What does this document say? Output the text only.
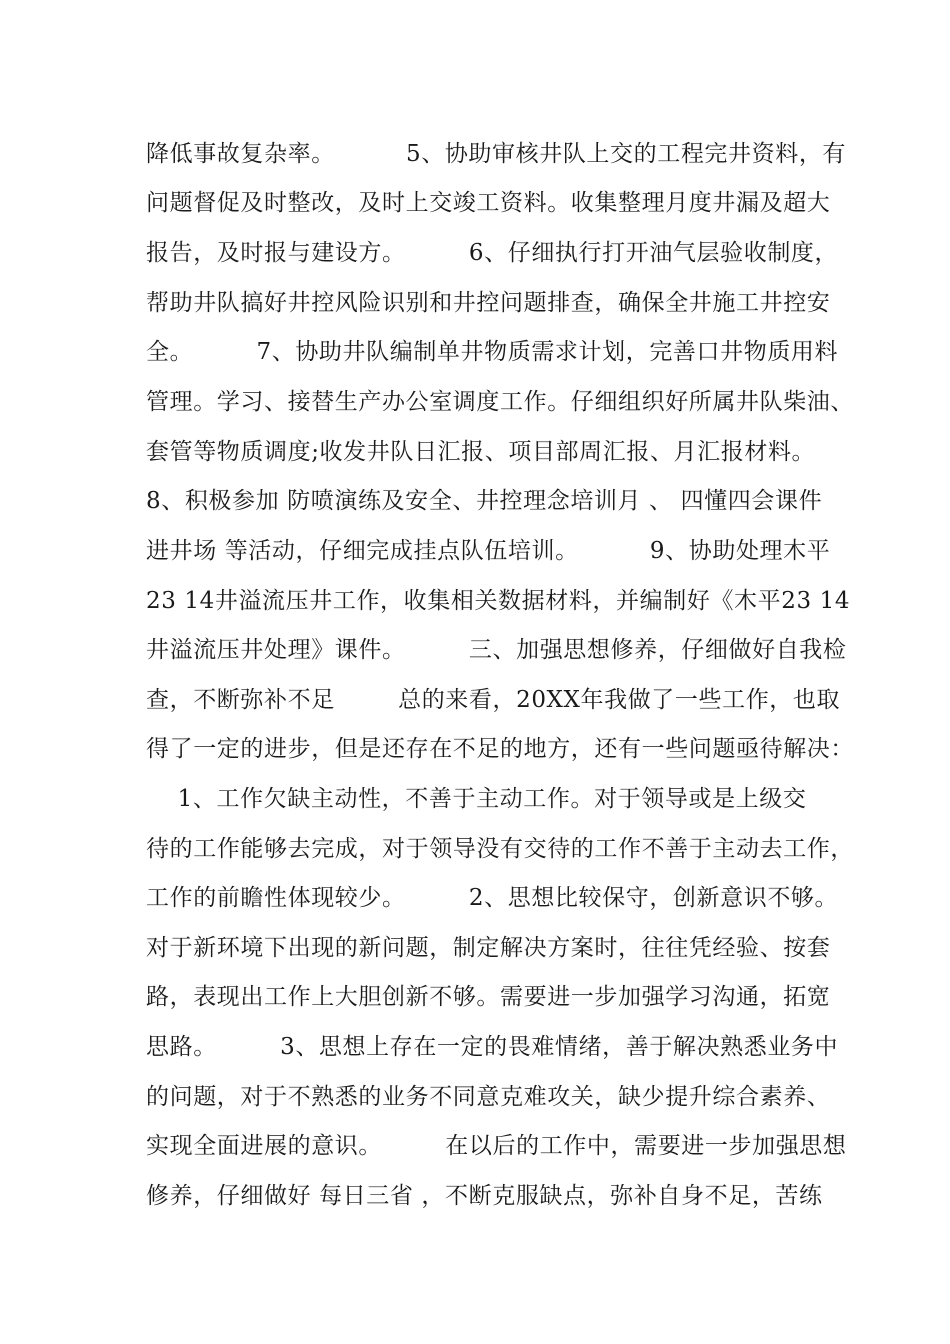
降低事故复杂率。         5、协助审核井队上交的工程完井资料，有
问题督促及时整改，及时上交竣工资料。收集整理月度井漏及超大
报告，及时报与建设方。        6、仔细执行打开油气层验收制度，
帮助井队搞好井控风险识别和井控问题排查，确保全井施工井控安
全。        7、协助井队编制单井物质需求计划，完善口井物质用料
管理。学习、接替生产办公室调度工作。仔细组织好所属井队柴油、
套管等物质调度;收发井队日汇报、项目部周汇报、月汇报材料。
8、积极参加 防喷演练及安全、井控理念培训月 、 四懂四会课件
进井场 等活动，仔细完成挂点队伍培训。         9、协助处理木平
23 14井溢流压井工作，收集相关数据材料，并编制好《木平23 14
井溢流压井处理》课件。        三、加强思想修养，仔细做好自我检
查，不断弥补不足        总的来看，20XX年我做了一些工作，也取
得了一定的进步，但是还存在不足的地方，还有一些问题亟待解决：
1、工作欠缺主动性，不善于主动工作。对于领导或是上级交
待的工作能够去完成，对于领导没有交待的工作不善于主动去工作，
工作的前瞻性体现较少。        2、思想比较保守，创新意识不够。
对于新环境下出现的新问题，制定解决方案时，往往凭经验、按套
路，表现出工作上大胆创新不够。需要进一步加强学习沟通，拓宽
思路。        3、思想上存在一定的畏难情绪，善于解决熟悉业务中
的问题，对于不熟悉的业务不同意克难攻关，缺少提升综合素养、
实现全面进展的意识。        在以后的工作中，需要进一步加强思想
修养，仔细做好 每日三省 ，不断克服缺点，弥补自身不足，苦练
